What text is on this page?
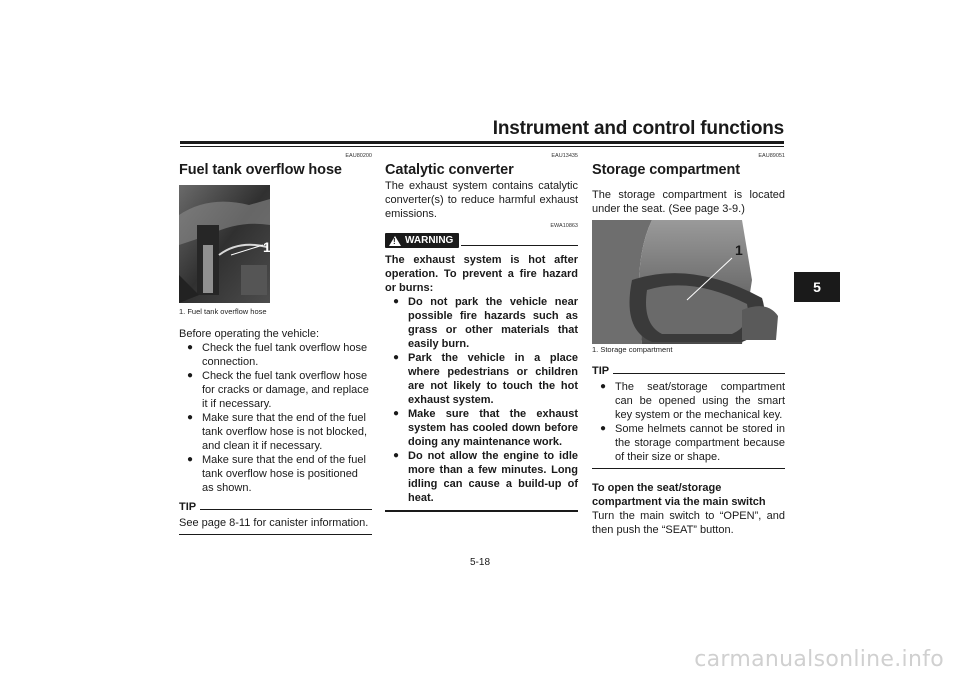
Instrument and control functions
5
EAU80200
Fuel tank overflow hose
1
1. Fuel tank overflow hose
Before operating the vehicle:
● Check the fuel tank overflow hose connection.
● Check the fuel tank overflow hose for cracks or damage, and replace it if necessary.
● Make sure that the end of the fuel tank overflow hose is not blocked, and clean it if necessary.
● Make sure that the end of the fuel tank overflow hose is positioned as shown.
TIP
See page 8-11 for canister information.
EAU13435
Catalytic converter
The exhaust system contains catalytic converter(s) to reduce harmful exhaust emissions.
EWA10863
!
WARNING
The exhaust system is hot after operation. To prevent a fire hazard or burns:
● Do not park the vehicle near possible fire hazards such as grass or other materials that easily burn.
● Park the vehicle in a place where pedestrians or children are not likely to touch the hot exhaust system.
● Make sure that the exhaust system has cooled down before doing any maintenance work.
● Do not allow the engine to idle more than a few minutes. Long idling can cause a build-up of heat.
EAU89051
Storage compartment
The storage compartment is located under the seat. (See page 3-9.)
1
1. Storage compartment
TIP
● The seat/storage compartment can be opened using the smart key system or the mechanical key.
● Some helmets cannot be stored in the storage compartment because of their size or shape.
To open the seat/storage compartment via the main switch
Turn the main switch to “OPEN”, and then push the “SEAT” button.
5-18
carmanualsonline.info
